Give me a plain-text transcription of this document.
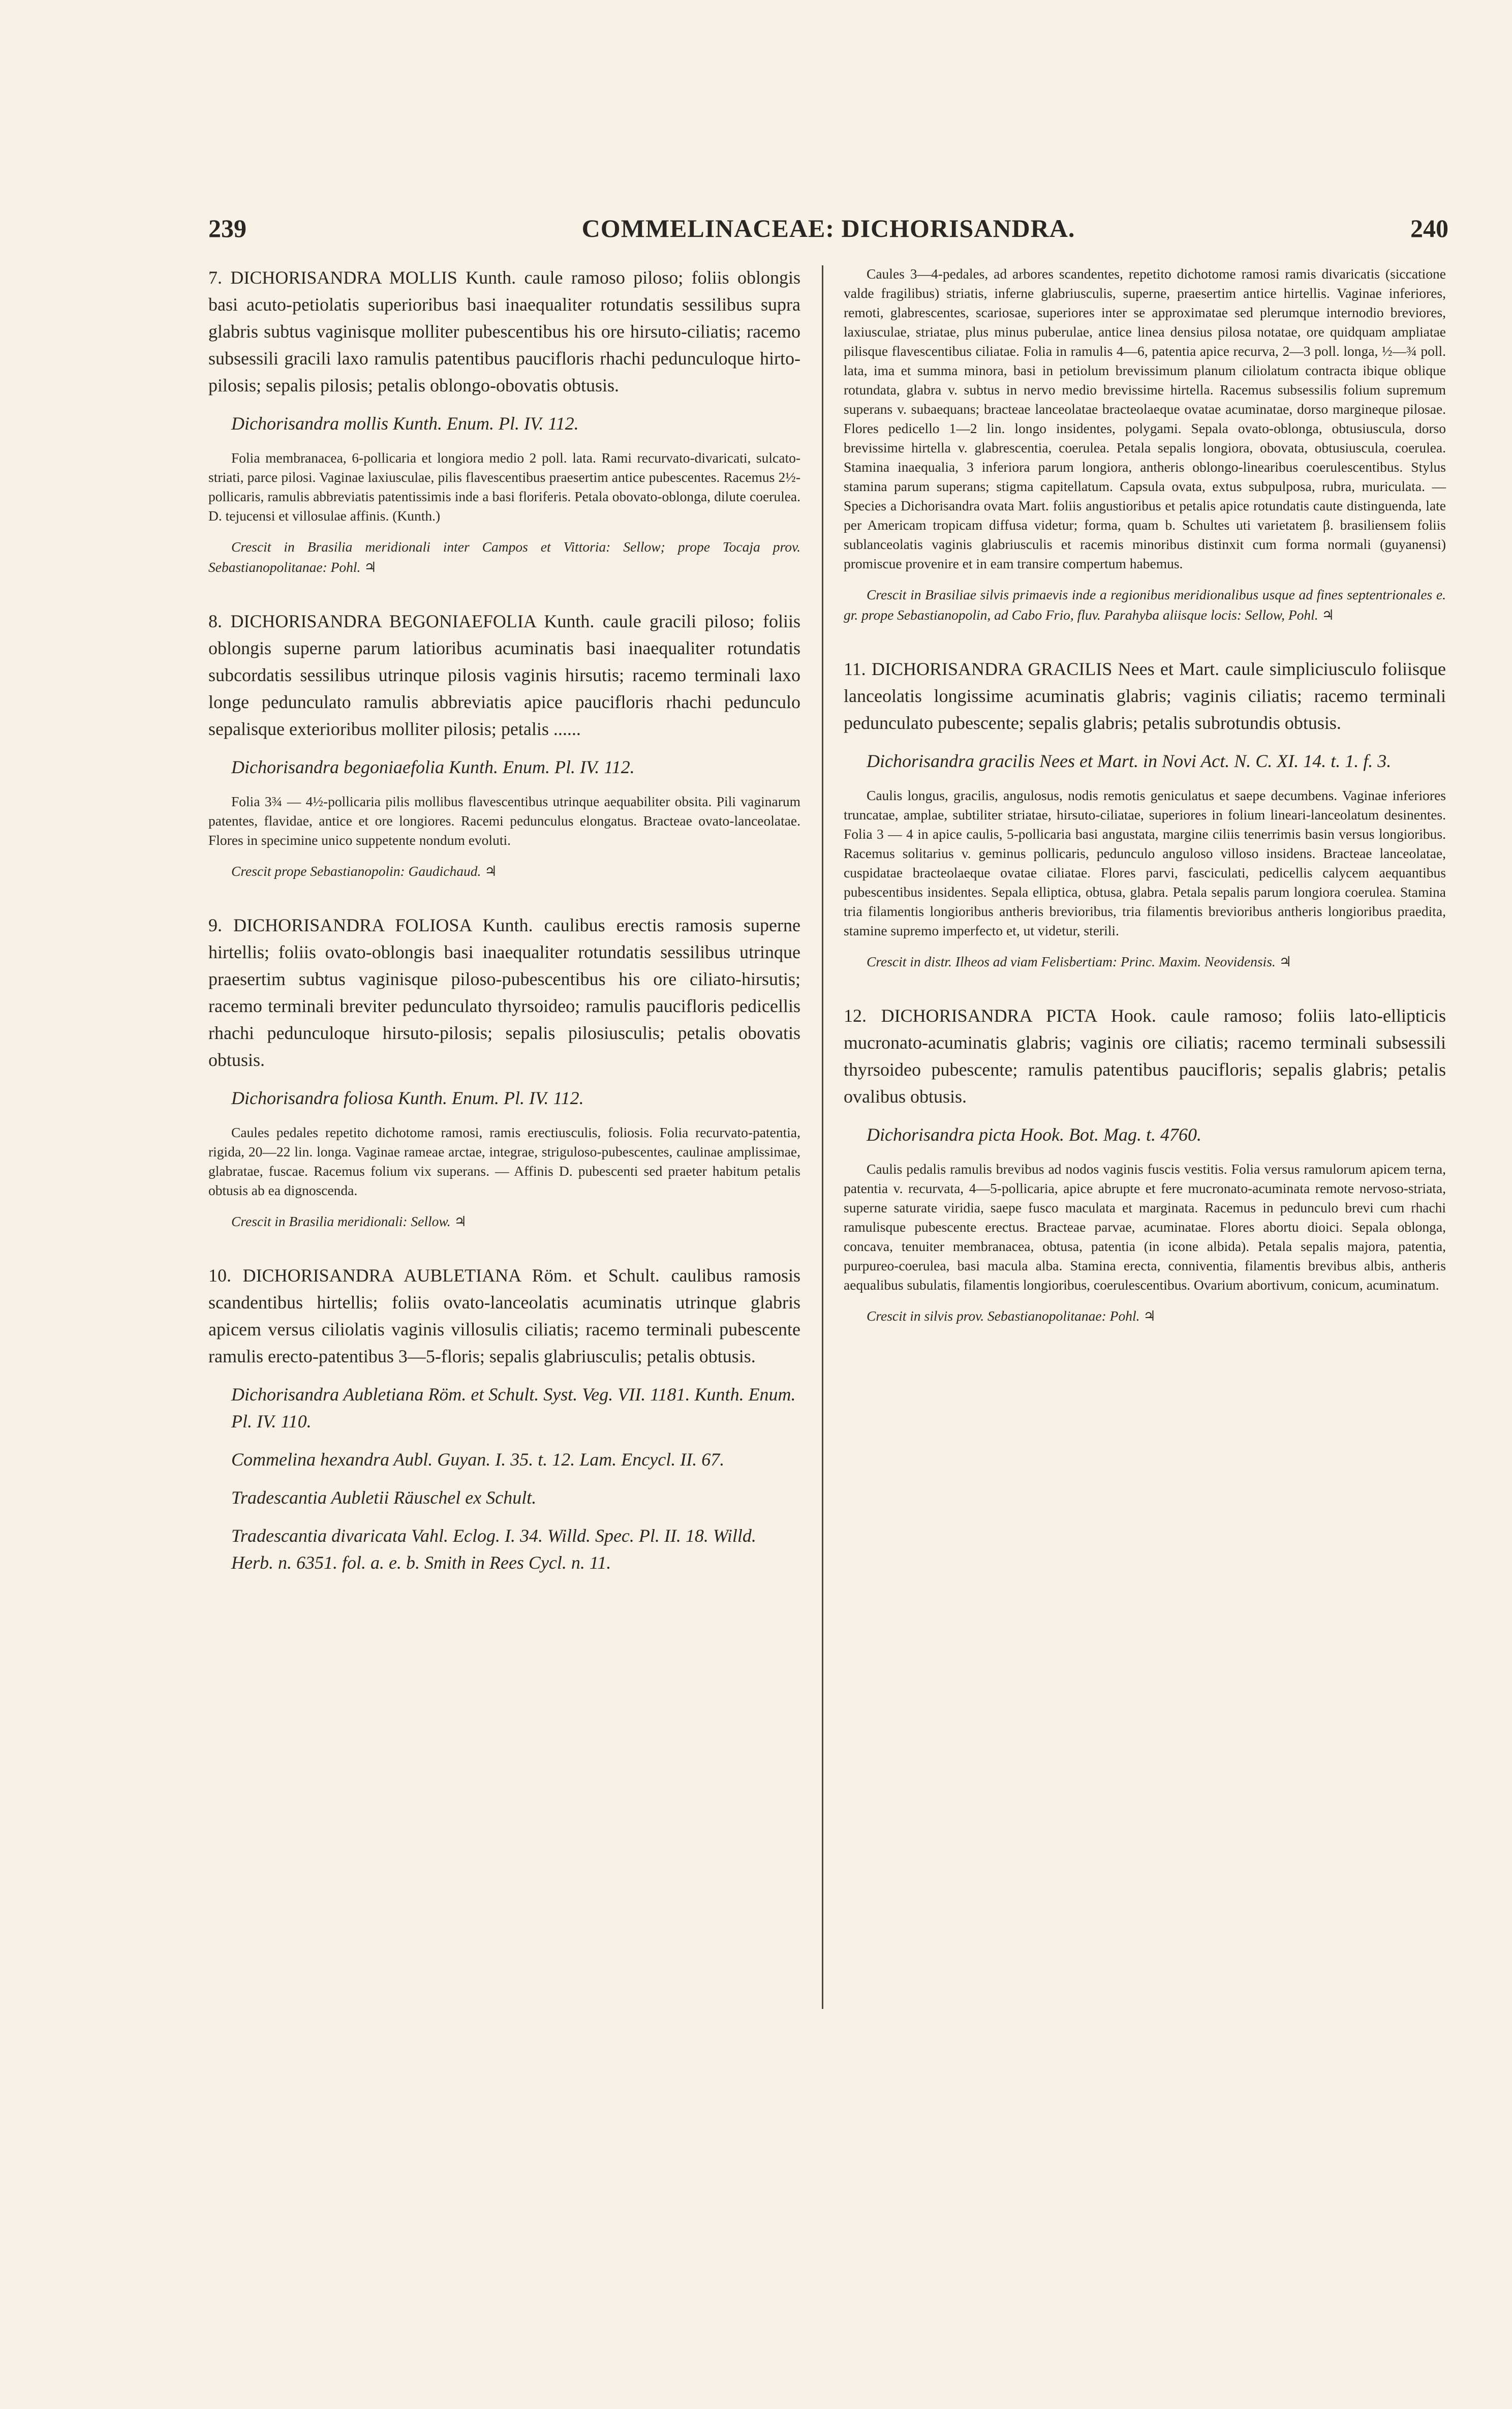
239	COMMELINACEAE: DICHORISANDRA.	240

7. DICHORISANDRA MOLLIS Kunth. caule ramoso piloso; foliis oblongis basi acuto-petiolatis superioribus basi inaequaliter rotundatis sessilibus supra glabris subtus vaginisque molliter pubescentibus his ore hirsuto-ciliatis; racemo subsessili gracili laxo ramulis patentibus paucifloris rhachi pedunculoque hirto-pilosis; sepalis pilosis; petalis oblongo-obovatis obtusis.

Dichorisandra mollis Kunth. Enum. Pl. IV. 112.

Folia membranacea, 6-pollicaria et longiora medio 2 poll. lata. Rami recurvato-divaricati, sulcato-striati, parce pilosi. Vaginae laxiusculae, pilis flavescentibus praesertim antice pubescentes. Racemus 2½-pollicaris, ramulis abbreviatis patentissimis inde a basi floriferis. Petala obovato-oblonga, dilute coerulea. D. tejucensi et villosulae affinis. (Kunth.)

Crescit in Brasilia meridionali inter Campos et Vittoria: Sellow; prope Tocaja prov. Sebastianopolitanae: Pohl. ♃

8. DICHORISANDRA BEGONIAEFOLIA Kunth. caule gracili piloso; foliis oblongis superne parum latioribus acuminatis basi inaequaliter rotundatis subcordatis sessilibus utrinque pilosis vaginis hirsutis; racemo terminali laxo longe pedunculato ramulis abbreviatis apice paucifloris rhachi pedunculo sepalisque exterioribus molliter pilosis; petalis ......

Dichorisandra begoniaefolia Kunth. Enum. Pl. IV. 112.

Folia 3¾ — 4½-pollicaria pilis mollibus flavescentibus utrinque aequabiliter obsita. Pili vaginarum patentes, flavidae, antice et ore longiores. Racemi pedunculus elongatus. Bracteae ovato-lanceolatae. Flores in specimine unico suppetente nondum evoluti.

Crescit prope Sebastianopolin: Gaudichaud. ♃

9. DICHORISANDRA FOLIOSA Kunth. caulibus erectis ramosis superne hirtellis; foliis ovato-oblongis basi inaequaliter rotundatis sessilibus utrinque praesertim subtus vaginisque piloso-pubescentibus his ore ciliato-hirsutis; racemo terminali breviter pedunculato thyrsoideo; ramulis paucifloris pedicellis rhachi pedunculoque hirsuto-pilosis; sepalis pilosiusculis; petalis obovatis obtusis.

Dichorisandra foliosa Kunth. Enum. Pl. IV. 112.

Caules pedales repetito dichotome ramosi, ramis erectiusculis, foliosis. Folia recurvato-patentia, rigida, 20—22 lin. longa. Vaginae rameae arctae, integrae, striguloso-pubescentes, caulinae amplissimae, glabratae, fuscae. Racemus folium vix superans. — Affinis D. pubescenti sed praeter habitum petalis obtusis ab ea dignoscenda.

Crescit in Brasilia meridionali: Sellow. ♃

10. DICHORISANDRA AUBLETIANA Röm. et Schult. caulibus ramosis scandentibus hirtellis; foliis ovato-lanceolatis acuminatis utrinque glabris apicem versus ciliolatis vaginis villosulis ciliatis; racemo terminali pubescente ramulis erecto-patentibus 3—5-floris; sepalis glabriusculis; petalis obtusis.

Dichorisandra Aubletiana Röm. et Schult. Syst. Veg. VII. 1181. Kunth. Enum. Pl. IV. 110.

Commelina hexandra Aubl. Guyan. I. 35. t. 12. Lam. Encycl. II. 67.

Tradescantia Aubletii Räuschel ex Schult.

Tradescantia divaricata Vahl. Eclog. I. 34. Willd. Spec. Pl. II. 18. Willd. Herb. n. 6351. fol. a. e. b. Smith in Rees Cycl. n. 11.

Caules 3—4-pedales, ad arbores scandentes, repetito dichotome ramosi ramis divaricatis (siccatione valde fragilibus) striatis, inferne glabriusculis, superne, praesertim antice hirtellis. Vaginae inferiores, remoti, glabrescentes, scariosae, superiores inter se approximatae sed plerumque internodio breviores, laxiusculae, striatae, plus minus puberulae, antice linea densius pilosa notatae, ore quidquam ampliatae pilisque flavescentibus ciliatae. Folia in ramulis 4—6, patentia apice recurva, 2—3 poll. longa, ½—¾ poll. lata, ima et summa minora, basi in petiolum brevissimum planum ciliolatum contracta ibique oblique rotundata, glabra v. subtus in nervo medio brevissime hirtella. Racemus subsessilis folium supremum superans v. subaequans; bracteae lanceolatae bracteolaeque ovatae acuminatae, dorso margineque pilosae. Flores pedicello 1—2 lin. longo insidentes, polygami. Sepala ovato-oblonga, obtusiuscula, dorso brevissime hirtella v. glabrescentia, coerulea. Petala sepalis longiora, obovata, obtusiuscula, coerulea. Stamina inaequalia, 3 inferiora parum longiora, antheris oblongo-linearibus coerulescentibus. Stylus stamina parum superans; stigma capitellatum. Capsula ovata, extus subpulposa, rubra, muriculata. — Species a Dichorisandra ovata Mart. foliis angustioribus et petalis apice rotundatis caute distinguenda, late per Americam tropicam diffusa videtur; forma, quam b. Schultes uti varietatem β. brasiliensem foliis sublanceolatis vaginis glabriusculis et racemis minoribus distinxit cum forma normali (guyanensi) promiscue provenire et in eam transire compertum habemus.

Crescit in Brasiliae silvis primaevis inde a regionibus meridionalibus usque ad fines septentrionales e. gr. prope Sebastianopolin, ad Cabo Frio, fluv. Parahyba aliisque locis: Sellow, Pohl. ♃

11. DICHORISANDRA GRACILIS Nees et Mart. caule simpliciusculo foliisque lanceolatis longissime acuminatis glabris; vaginis ciliatis; racemo terminali pedunculato pubescente; sepalis glabris; petalis subrotundis obtusis.

Dichorisandra gracilis Nees et Mart. in Novi Act. N. C. XI. 14. t. 1. f. 3.

Caulis longus, gracilis, angulosus, nodis remotis geniculatus et saepe decumbens. Vaginae inferiores truncatae, amplae, subtiliter striatae, hirsuto-ciliatae, superiores in folium lineari-lanceolatum desinentes. Folia 3 — 4 in apice caulis, 5-pollicaria basi angustata, margine ciliis tenerrimis basin versus longioribus. Racemus solitarius v. geminus pollicaris, pedunculo anguloso villoso insidens. Bracteae lanceolatae, cuspidatae bracteolaeque ovatae ciliatae. Flores parvi, fasciculati, pedicellis calycem aequantibus pubescentibus insidentes. Sepala elliptica, obtusa, glabra. Petala sepalis parum longiora coerulea. Stamina tria filamentis longioribus antheris brevioribus, tria filamentis brevioribus antheris longioribus praedita, stamine supremo imperfecto et, ut videtur, sterili.

Crescit in distr. Ilheos ad viam Felisbertiam: Princ. Maxim. Neovidensis. ♃

12. DICHORISANDRA PICTA Hook. caule ramoso; foliis lato-ellipticis mucronato-acuminatis glabris; vaginis ore ciliatis; racemo terminali subsessili thyrsoideo pubescente; ramulis patentibus paucifloris; sepalis glabris; petalis ovalibus obtusis.

Dichorisandra picta Hook. Bot. Mag. t. 4760.

Caulis pedalis ramulis brevibus ad nodos vaginis fuscis vestitis. Folia versus ramulorum apicem terna, patentia v. recurvata, 4—5-pollicaria, apice abrupte et fere mucronato-acuminata remote nervoso-striata, superne saturate viridia, saepe fusco maculata et marginata. Racemus in pedunculo brevi cum rhachi ramulisque pubescente erectus. Bracteae parvae, acuminatae. Flores abortu dioici. Sepala oblonga, concava, tenuiter membranacea, obtusa, patentia (in icone albida). Petala sepalis majora, patentia, purpureo-coerulea, basi macula alba. Stamina erecta, conniventia, filamentis brevibus albis, antheris aequalibus subulatis, filamentis longioribus, coerulescentibus. Ovarium abortivum, conicum, acuminatum.

Crescit in silvis prov. Sebastianopolitanae: Pohl. ♃
